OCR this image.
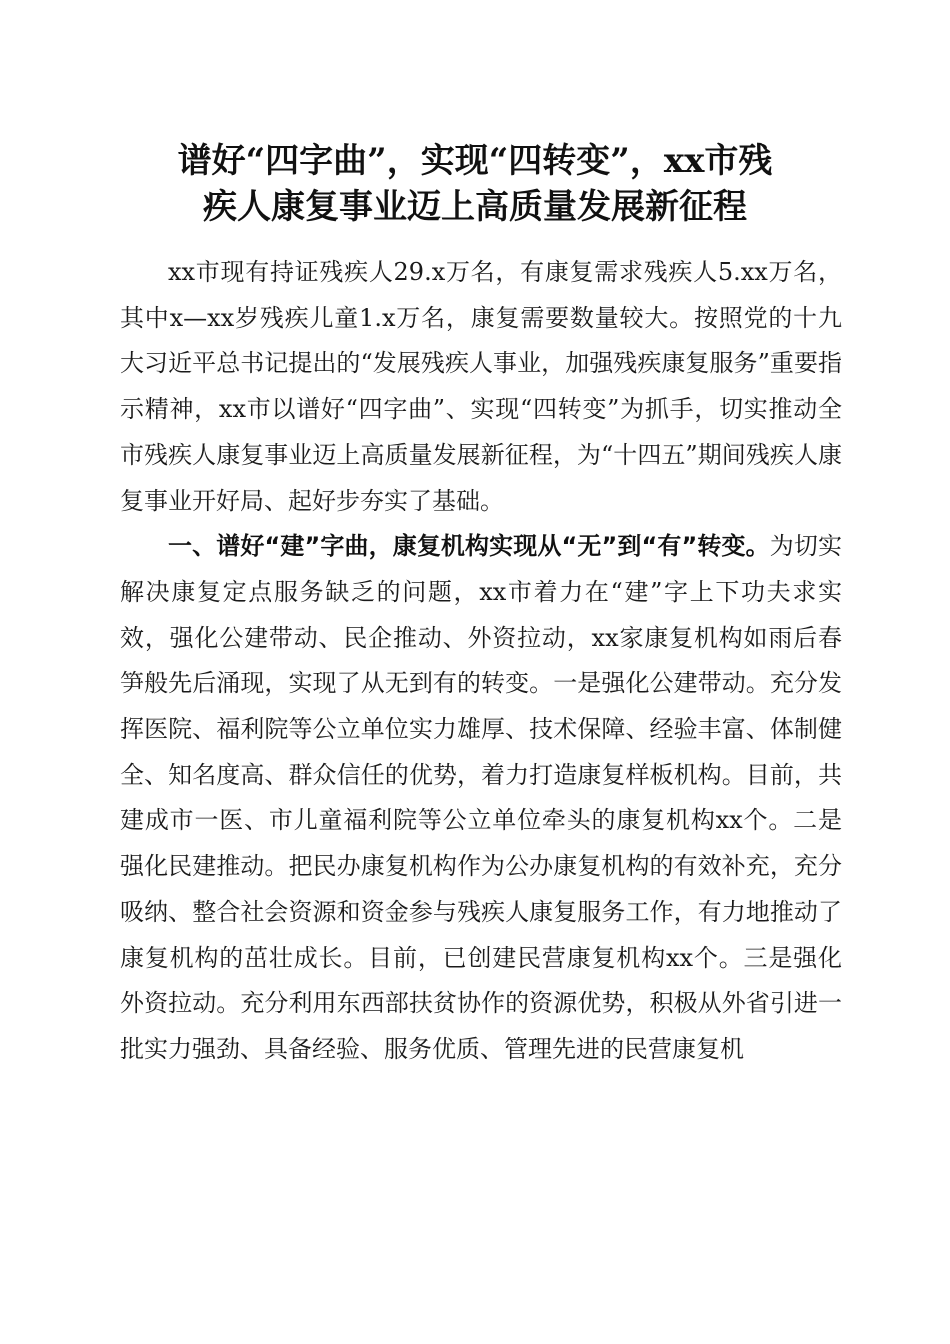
谱好“四字曲”，实现“四转变”，xx市残
疾人康复事业迈上高质量发展新征程

xx市现有持证残疾人29.x万名，有康复需求残疾人5.xx万名，其中x—xx岁残疾儿童1.x万名，康复需要数量较大。按照党的十九大习近平总书记提出的“发展残疾人事业，加强残疾康复服务”重要指示精神，xx市以谱好“四字曲”、实现“四转变”为抓手，切实推动全市残疾人康复事业迈上高质量发展新征程，为“十四五”期间残疾人康复事业开好局、起好步夯实了基础。

一、谱好“建”字曲，康复机构实现从“无”到“有”转变。为切实解决康复定点服务缺乏的问题，xx市着力在“建”字上下功夫求实效，强化公建带动、民企推动、外资拉动，xx家康复机构如雨后春笋般先后涌现，实现了从无到有的转变。一是强化公建带动。充分发挥医院、福利院等公立单位实力雄厚、技术保障、经验丰富、体制健全、知名度高、群众信任的优势，着力打造康复样板机构。目前，共建成市一医、市儿童福利院等公立单位牵头的康复机构xx个。二是强化民建推动。把民办康复机构作为公办康复机构的有效补充，充分吸纳、整合社会资源和资金参与残疾人康复服务工作，有力地推动了康复机构的茁壮成长。目前，已创建民营康复机构xx个。三是强化外资拉动。充分利用东西部扶贫协作的资源优势，积极从外省引进一批实力强劲、具备经验、服务优质、管理先进的民营康复机
